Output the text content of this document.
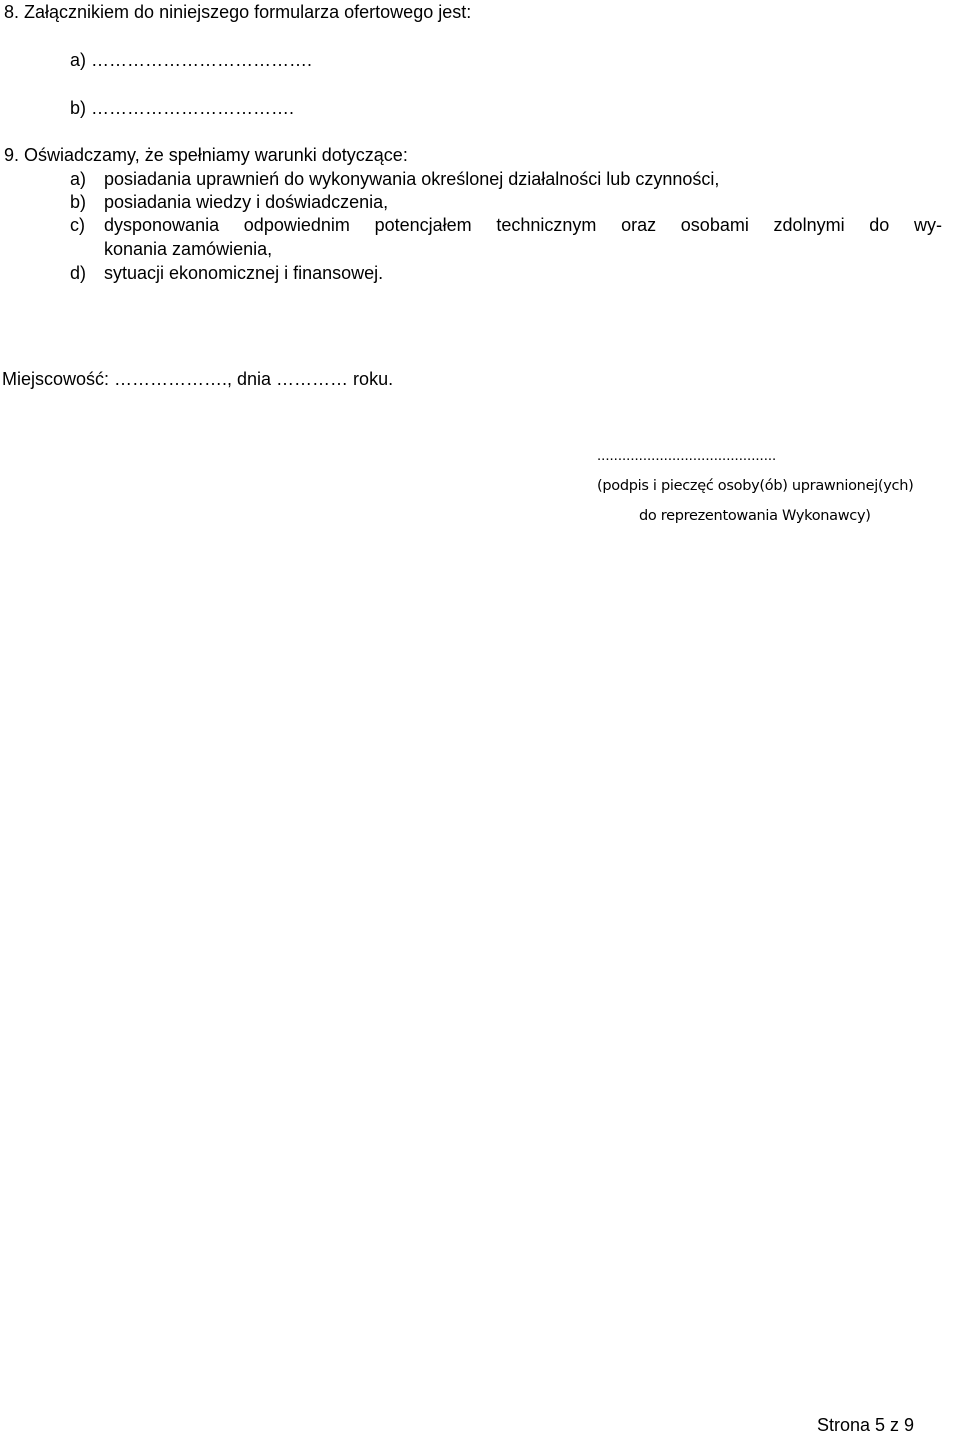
8. Załącznikiem do niniejszego formularza ofertowego jest:
a) ……………………………….
b) …………………………….
9. Oświadczamy, że spełniamy warunki dotyczące:
a) posiadania uprawnień do wykonywania określonej działalności lub czynności,
b) posiadania wiedzy i doświadczenia,
c) dysponowania odpowiednim potencjałem technicznym oraz osobami zdolnymi do wy-
konania zamówienia,
d) sytuacji ekonomicznej i finansowej.
Miejscowość: ………………., dnia ………… roku.
...........................................
(podpis i pieczęć osoby(ób) uprawnionej(ych)
do reprezentowania Wykonawcy)
Strona 5 z 9
